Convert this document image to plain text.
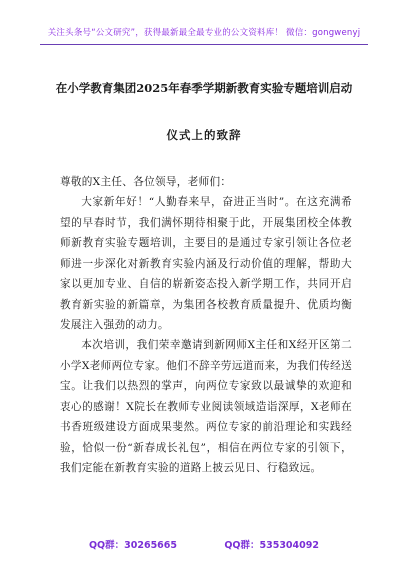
关注头条号“公文研究”，获得最新最全最专业的公文资料库！ 微信：gongwenyj
在小学教育集团2025年春季学期新教育实验专题培训启动
仪式上的致辞
尊敬的X主任、各位领导，老师们：
大家新年好！“人勤春来早，奋进正当时”。在这充满希望的早春时节，我们满怀期待相聚于此，开展集团校全体教师新教育实验专题培训，主要目的是通过专家引领让各位老师进一步深化对新教育实验内涵及行动价值的理解，帮助大家以更加专业、自信的崭新姿态投入新学期工作，共同开启教育新实验的新篇章，为集团各校教育质量提升、优质均衡发展注入强劲的动力。
本次培训，我们荣幸邀请到新网师X主任和X经开区第二小学X老师两位专家。他们不辞辛劳远道而来，为我们传经送宝。让我们以热烈的掌声，向两位专家致以最诚挚的欢迎和衷心的感谢！X院长在教师专业阅读领域造诣深厚，X老师在书香班级建设方面成果斐然。两位专家的前沿理论和实践经验，恰似一份“新春成长礼包”，相信在两位专家的引领下，我们定能在新教育实验的道路上披云见日、行稳致远。
QQ群：30265665	QQ群：535304092
